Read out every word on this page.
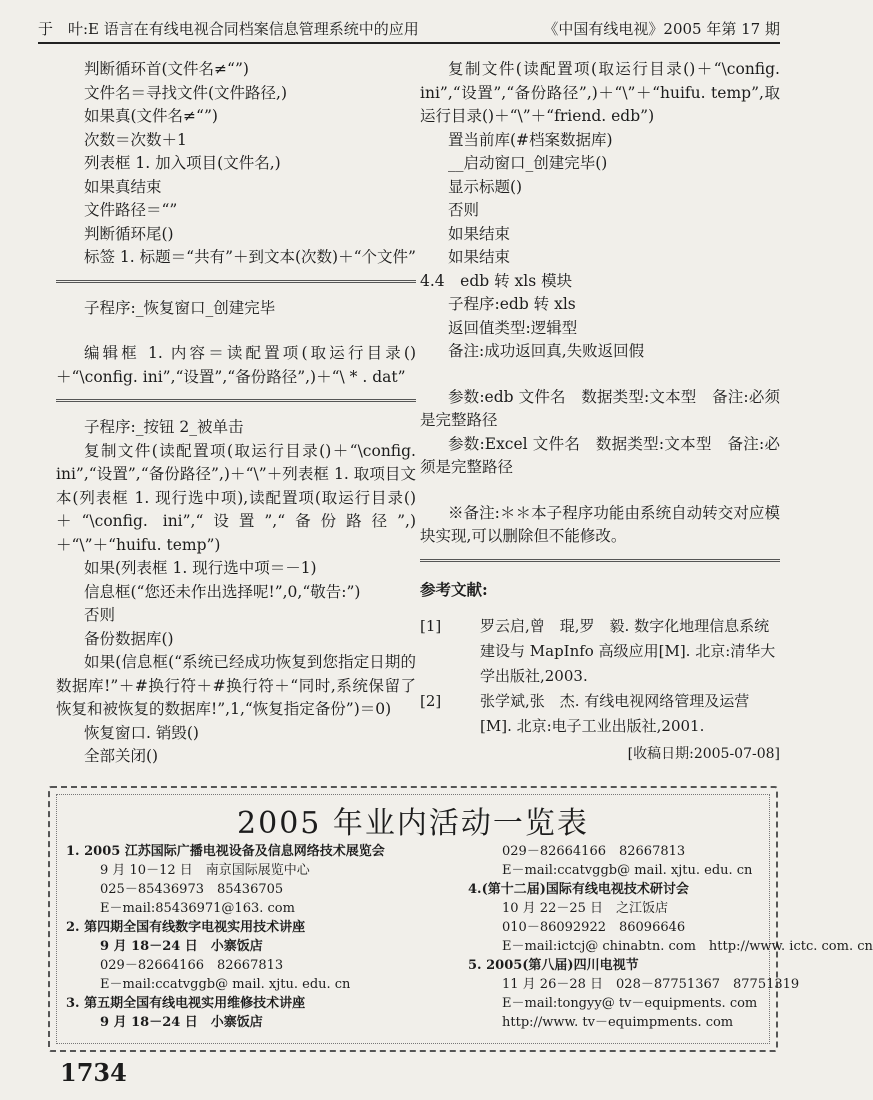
于　叶:E 语言在有线电视合同档案信息管理系统中的应用	《中国有线电视》2005 年第 17 期
判断循环首(文件名≠“”)
文件名＝寻找文件(文件路径,)
如果真(文件名≠“”)
次数＝次数＋1
列表框 1. 加入项目(文件名,)
如果真结束
文件路径＝“”
判断循环尾()
标签 1. 标题＝“共有”＋到文本(次数)＋“个文件”
子程序:_恢复窗口_创建完毕
编辑框 1. 内容＝读配置项(取运行目录()＋“\config. ini”,“设置”,“备份路径”,)＋“\ * . dat”
子程序:_按钮 2_被单击
复制文件(读配置项(取运行目录()＋“\config. ini”,“设置”,“备份路径”,)＋“\”＋列表框 1. 取项目文本(列表框 1. 现行选中项),读配置项(取运行目录()＋“\config. ini”,“设置”,“备份路径”,)＋“\”＋“huifu. temp”)
如果(列表框 1. 现行选中项＝－1)
信息框(“您还未作出选择呢!”,0,“敬告:”)
否则
备份数据库()
如果(信息框(“系统已经成功恢复到您指定日期的数据库!”＋#换行符＋#换行符＋“同时,系统保留了恢复和被恢复的数据库!”,1,“恢复指定备份”)＝0)
恢复窗口. 销毁()
全部关闭()
复制文件(读配置项(取运行目录()＋“\config. ini”,“设置”,“备份路径”,)＋“\”＋“huifu. temp”,取运行目录()＋“\”＋“friend. edb”)
置当前库(#档案数据库)
__启动窗口_创建完毕()
显示标题()
否则
如果结束
如果结束
4.4　edb 转 xls 模块
子程序:edb 转 xls
返回值类型:逻辑型
备注:成功返回真,失败返回假
参数:edb 文件名　数据类型:文本型　备注:必须是完整路径
参数:Excel 文件名　数据类型:文本型　备注:必须是完整路径
※备注:＊＊本子程序功能由系统自动转交对应模块实现,可以删除但不能修改。
参考文献:
[1]	罗云启,曾　琨,罗　毅. 数字化地理信息系统建设与 MapInfo 高级应用[M]. 北京:清华大学出版社,2003.
[2]	张学斌,张　杰. 有线电视网络管理及运营[M]. 北京:电子工业出版社,2001.
[收稿日期:2005-07-08]
2005 年业内活动一览表
1. 2005 江苏国际广播电视设备及信息网络技术展览会
9 月 10－12 日　南京国际展览中心
025－85436973　85436705
E－mail:85436971@163. com
2. 第四期全国有线数字电视实用技术讲座
9 月 18－24 日　小寨饭店
029－82664166　82667813
E－mail:ccatvggb@ mail. xjtu. edu. cn
3. 第五期全国有线电视实用维修技术讲座
9 月 18－24 日　小寨饭店
029－82664166　82667813
E－mail:ccatvggb@ mail. xjtu. edu. cn
4.(第十二届)国际有线电视技术研讨会
10 月 22－25 日　之江饭店
010－86092922　86096646
E－mail:ictcj@ chinabtn. com　http://www. ictc. com. cn
5. 2005(第八届)四川电视节
11 月 26－28 日　028－87751367　87751319
E－mail:tongyy@ tv－equipments. com
http://www. tv－equimpments. com
1734
